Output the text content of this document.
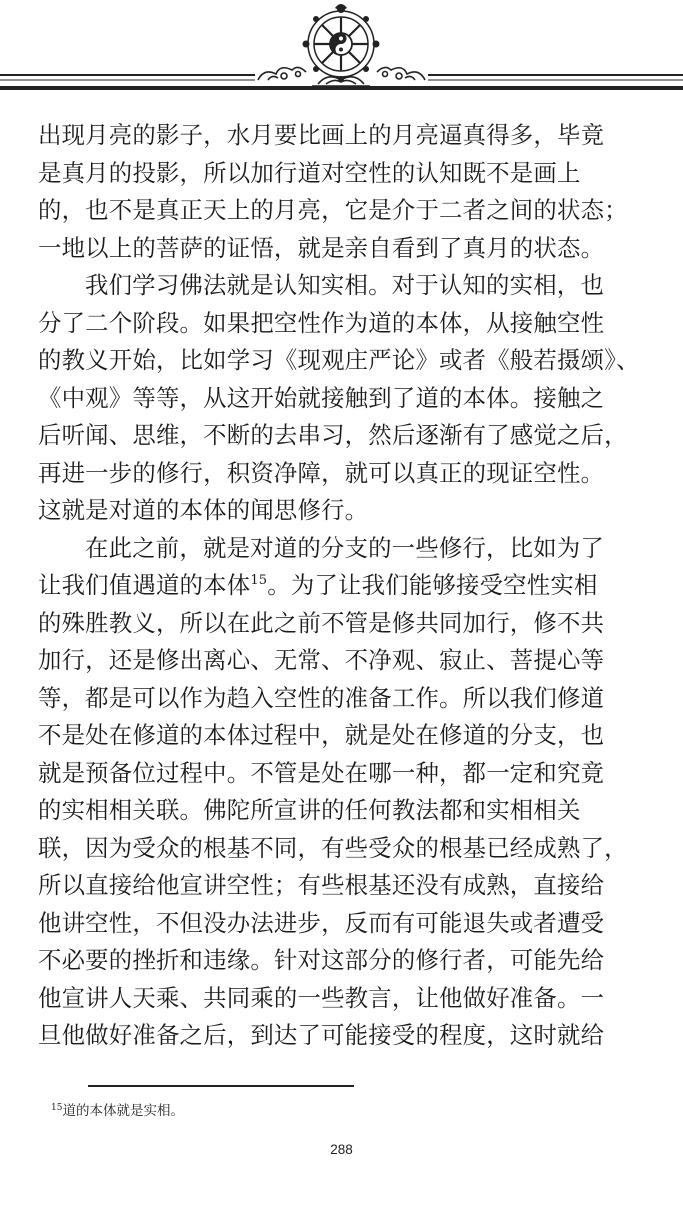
出现月亮的影子，水月要比画上的月亮逼真得多，毕竟
是真月的投影，所以加行道对空性的认知既不是画上
的，也不是真正天上的月亮，它是介于二者之间的状态；
一地以上的菩萨的证悟，就是亲自看到了真月的状态。
我们学习佛法就是认知实相。对于认知的实相，也
分了二个阶段。如果把空性作为道的本体，从接触空性
的教义开始，比如学习《现观庄严论》或者《般若摄颂》、
《中观》等等，从这开始就接触到了道的本体。接触之
后听闻、思维，不断的去串习，然后逐渐有了感觉之后，
再进一步的修行，积资净障，就可以真正的现证空性。
这就是对道的本体的闻思修行。
在此之前，就是对道的分支的一些修行，比如为了
让我们值遇道的本体$^{15}$。为了让我们能够接受空性实相
的殊胜教义，所以在此之前不管是修共同加行，修不共
加行，还是修出离心、无常、不净观、寂止、菩提心等
等，都是可以作为趋入空性的准备工作。所以我们修道
不是处在修道的本体过程中，就是处在修道的分支，也
就是预备位过程中。不管是处在哪一种，都一定和究竟
的实相相关联。佛陀所宣讲的任何教法都和实相相关
联，因为受众的根基不同，有些受众的根基已经成熟了，
所以直接给他宣讲空性；有些根基还没有成熟，直接给
他讲空性，不但没办法进步，反而有可能退失或者遭受
不必要的挫折和违缘。针对这部分的修行者，可能先给
他宣讲人天乘、共同乘的一些教言，让他做好准备。一
旦他做好准备之后，到达了可能接受的程度，这时就给
$^{15}$道的本体就是实相。
288
